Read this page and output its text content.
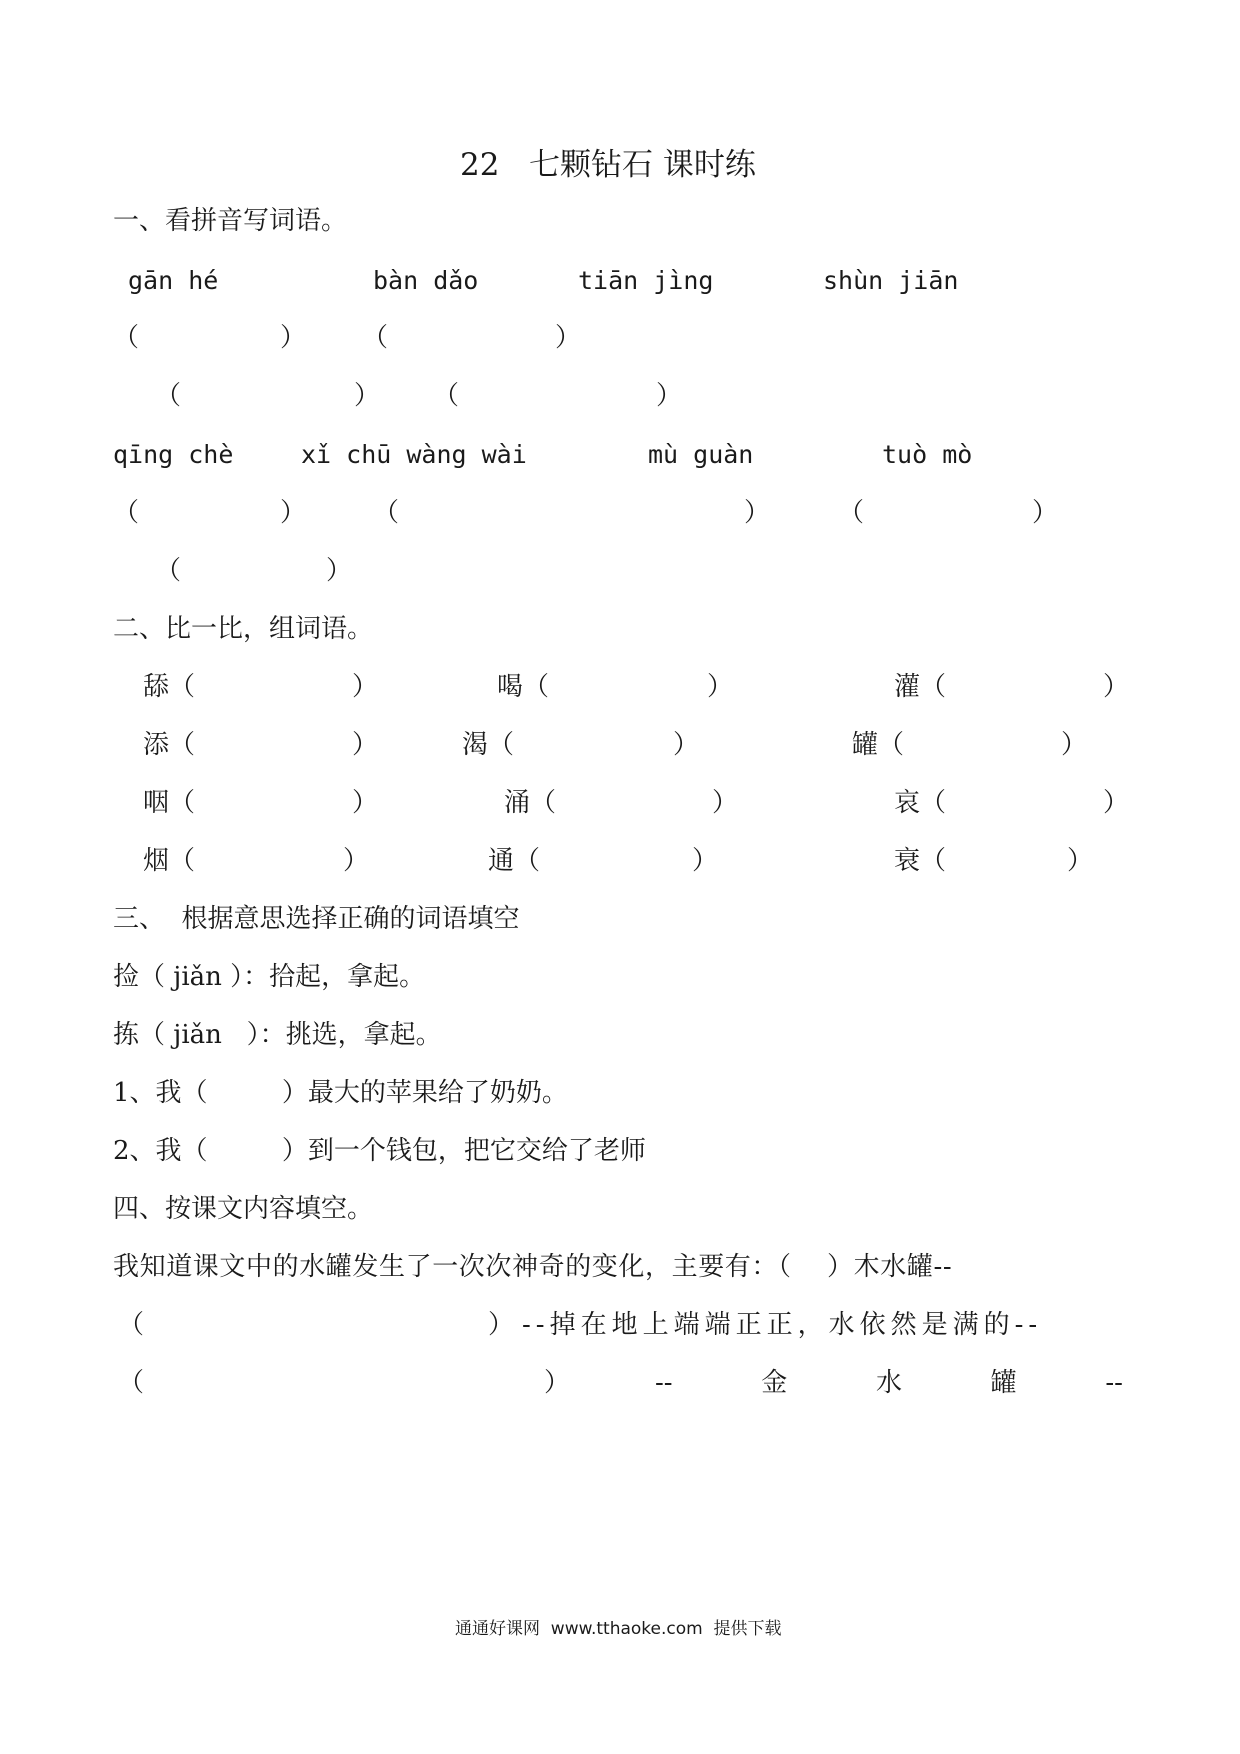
22   七颗钻石 课时练
一、看拼音写词语。
gān hé	bàn dǎo	tiān jìng	shùn jiān
（	） （	）
（	） （	）
qīng chè	xǐ chū wàng wài	mù guàn	tuò mò
（	）	（	）	（	）
（	）
二、比一比，组词语。
舔（	）	喝（	）	灌（	）
添（	）	渴（	）	罐（	）
咽（	）	涌（	）	哀（	）
烟（	）	通（	）	衰（	）
三、  根据意思选择正确的词语填空
捡（ jiǎn ）：拾起，拿起。
拣（ jiǎn   ）：挑选，拿起。
1、我（         ）最大的苹果给了奶奶。
2、我（         ）到一个钱包，把它交给了老师
四、按课文内容填空。
我知道课文中的水罐发生了一次次神奇的变化，主要有：（    ）木水罐--
（	） --掉在地上端端正正，水依然是满的--
（	）	--	金	水	罐	--
通通好课网  www.tthaoke.com  提供下载
